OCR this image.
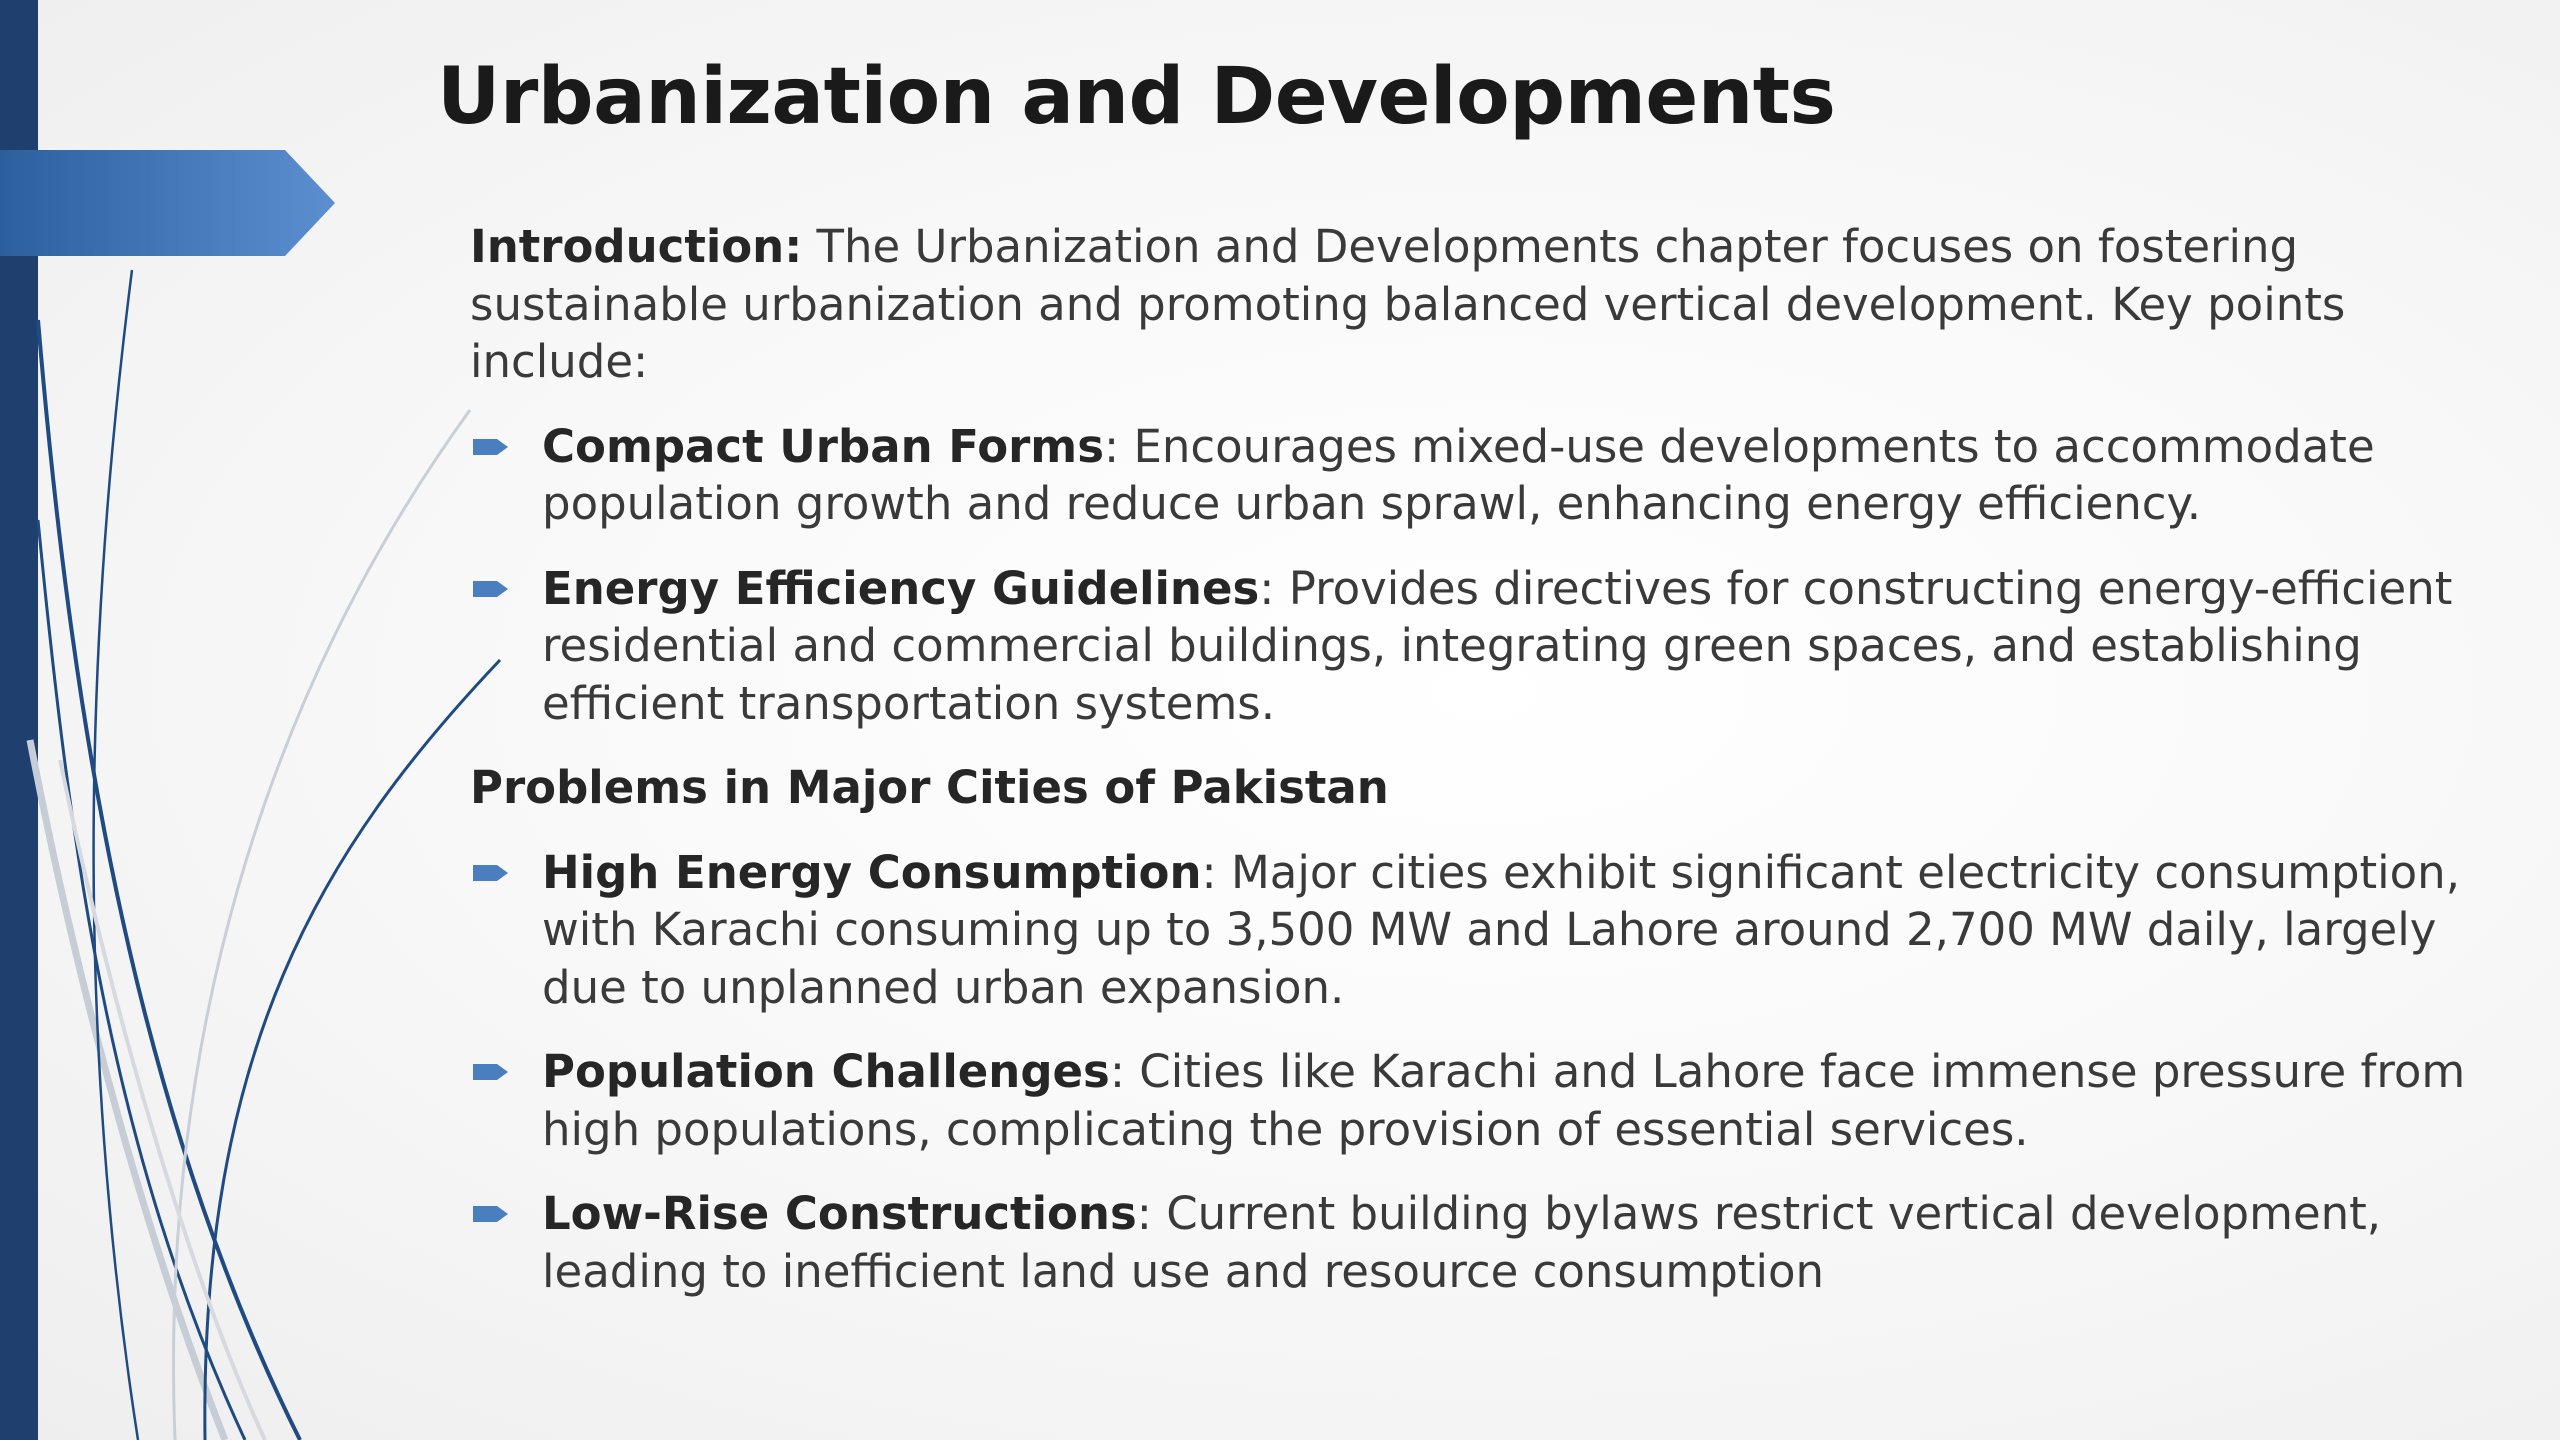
Urbanization and Developments

Introduction: The Urbanization and Developments chapter focuses on fostering sustainable urbanization and promoting balanced vertical development. Key points include:

Compact Urban Forms: Encourages mixed-use developments to accommodate population growth and reduce urban sprawl, enhancing energy efficiency.
Energy Efficiency Guidelines: Provides directives for constructing energy-efficient residential and commercial buildings, integrating green spaces, and establishing efficient transportation systems.

Problems in Major Cities of Pakistan

High Energy Consumption: Major cities exhibit significant electricity consumption, with Karachi consuming up to 3,500 MW and Lahore around 2,700 MW daily, largely due to unplanned urban expansion.
Population Challenges: Cities like Karachi and Lahore face immense pressure from high populations, complicating the provision of essential services.
Low-Rise Constructions: Current building bylaws restrict vertical development, leading to inefficient land use and resource consumption
